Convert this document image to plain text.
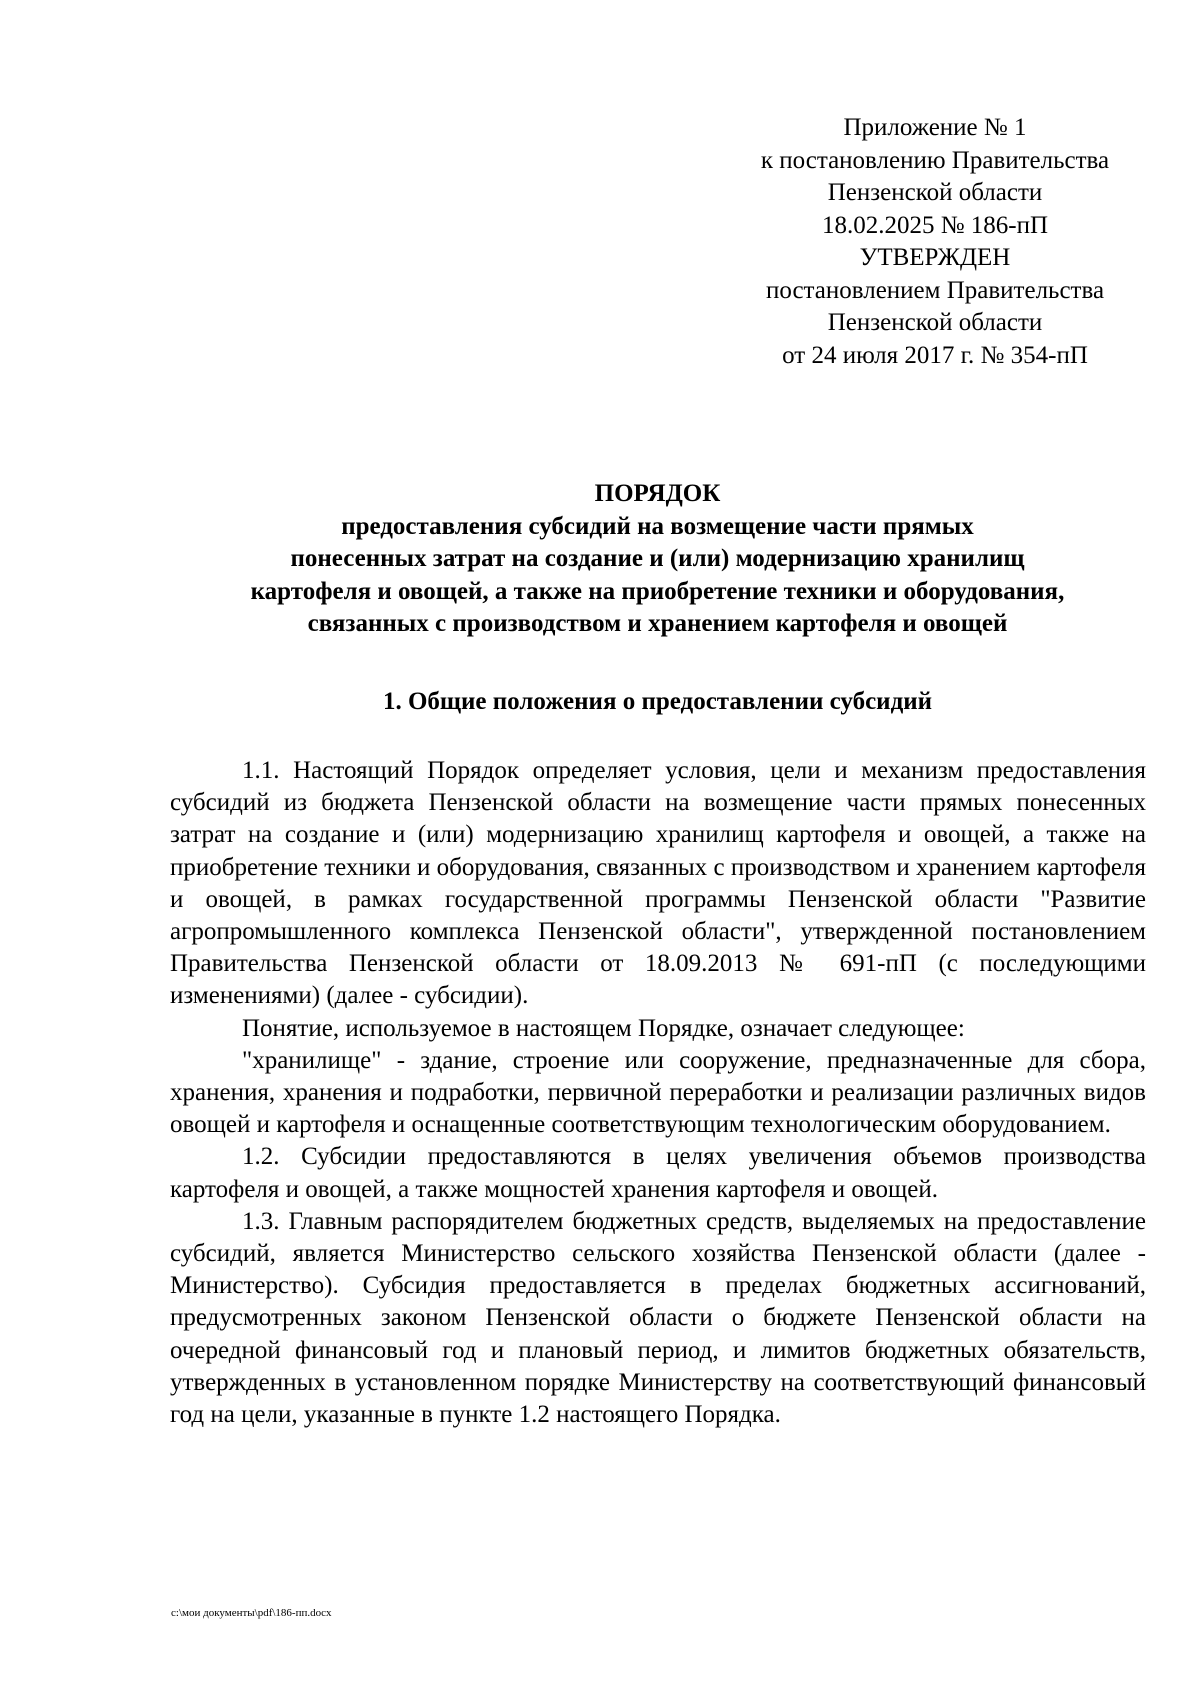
Приложение № 1
к постановлению Правительства
Пензенской области
18.02.2025 № 186-пП
УТВЕРЖДЕН
постановлением Правительства
Пензенской области
от 24 июля 2017 г. № 354-пП
ПОРЯДОК
предоставления субсидий на возмещение части прямых
понесенных затрат на создание и (или) модернизацию хранилищ
картофеля и овощей, а также на приобретение техники и оборудования,
связанных с производством и хранением картофеля и овощей
1. Общие положения о предоставлении субсидий

1.1. Настоящий Порядок определяет условия, цели и механизм предоставления субсидий из бюджета Пензенской области на возмещение части прямых понесенных затрат на создание и (или) модернизацию хранилищ картофеля и овощей, а также на приобретение техники и оборудования, связанных с производством и хранением картофеля и овощей, в рамках государственной программы Пензенской области "Развитие агропромышленного комплекса Пензенской области", утвержденной постановлением Правительства Пензенской области от 18.09.2013 № 691-пП (с последующими изменениями) (далее - субсидии).

Понятие, используемое в настоящем Порядке, означает следующее:

"хранилище" - здание, строение или сооружение, предназначенные для сбора, хранения, хранения и подработки, первичной переработки и реализации различных видов овощей и картофеля и оснащенные соответствующим технологическим оборудованием.

1.2. Субсидии предоставляются в целях увеличения объемов производства картофеля и овощей, а также мощностей хранения картофеля и овощей.

1.3. Главным распорядителем бюджетных средств, выделяемых на предоставление субсидий, является Министерство сельского хозяйства Пензенской области (далее - Министерство). Субсидия предоставляется в пределах бюджетных ассигнований, предусмотренных законом Пензенской области о бюджете Пензенской области на очередной финансовый год и плановый период, и лимитов бюджетных обязательств, утвержденных в установленном порядке Министерству на соответствующий финансовый год на цели, указанные в пункте 1.2 настоящего Порядка.

c:\мои документы\pdf\186-пп.docx
